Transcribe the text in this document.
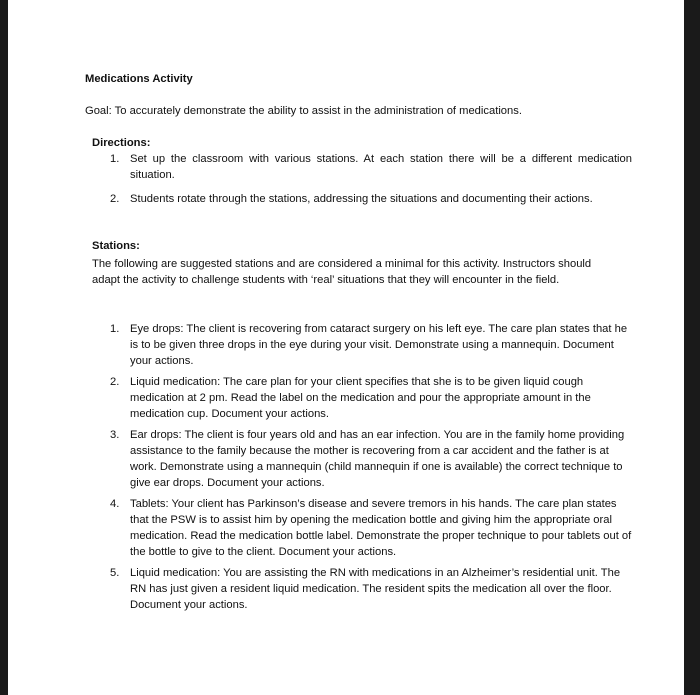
Medications Activity
Goal: To accurately demonstrate the ability to assist in the administration of medications.
Directions:
1. Set up the classroom with various stations. At each station there will be a different medication situation.
2. Students rotate through the stations, addressing the situations and documenting their actions.
Stations:
The following are suggested stations and are considered a minimal for this activity. Instructors should adapt the activity to challenge students with ‘real’ situations that they will encounter in the field.
1. Eye drops: The client is recovering from cataract surgery on his left eye. The care plan states that he is to be given three drops in the eye during your visit. Demonstrate using a mannequin. Document your actions.
2. Liquid medication: The care plan for your client specifies that she is to be given liquid cough medication at 2 pm. Read the label on the medication and pour the appropriate amount in the medication cup. Document your actions.
3. Ear drops: The client is four years old and has an ear infection. You are in the family home providing assistance to the family because the mother is recovering from a car accident and the father is at work. Demonstrate using a mannequin (child mannequin if one is available) the correct technique to give ear drops. Document your actions.
4. Tablets: Your client has Parkinson’s disease and severe tremors in his hands. The care plan states that the PSW is to assist him by opening the medication bottle and giving him the appropriate oral medication. Read the medication bottle label. Demonstrate the proper technique to pour tablets out of the bottle to give to the client. Document your actions.
5. Liquid medication: You are assisting the RN with medications in an Alzheimer’s residential unit. The RN has just given a resident liquid medication. The resident spits the medication all over the floor. Document your actions.
